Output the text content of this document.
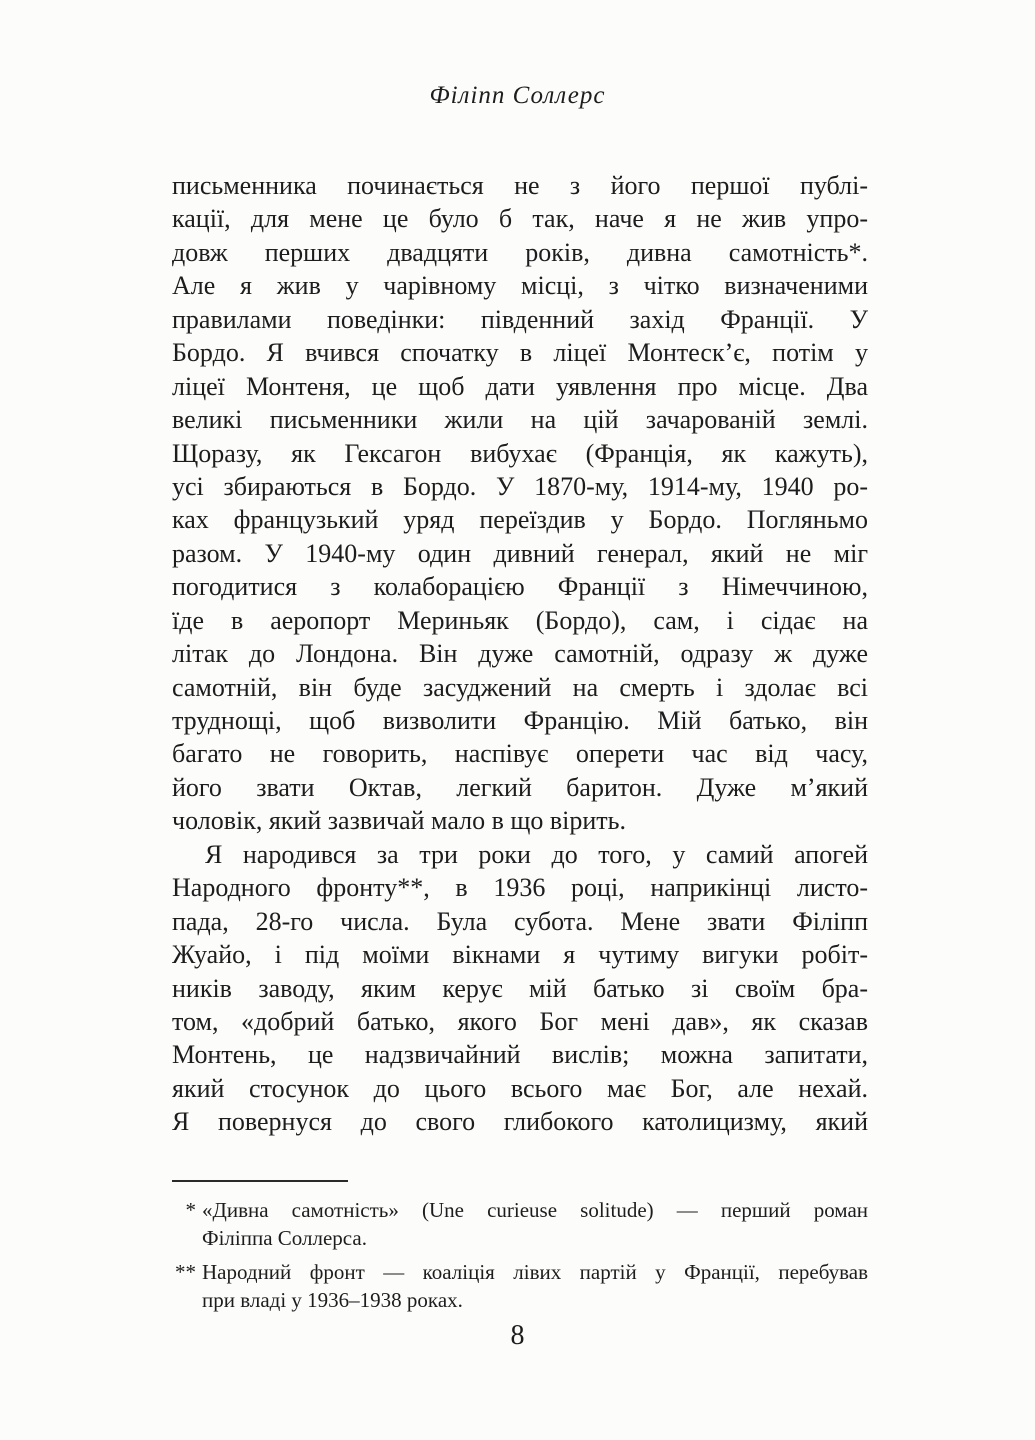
Філіпп Соллерс
письменника починається не з його першої публі-
кації, для мене це було б так, наче я не жив упро-
довж перших двадцяти років, дивна самотність*.
Але я жив у чарівному місці, з чітко визначеними
правилами поведінки: південний захід Франції. У
Бордо. Я вчився спочатку в ліцеї Монтеск’є, потім у
ліцеї Монтеня, це щоб дати уявлення про місце. Два
великі письменники жили на цій зачарованій землі.
Щоразу, як Гексагон вибухає (Франція, як кажуть),
усі збираються в Бордо. У 1870-му, 1914-му, 1940 ро-
ках французький уряд переїздив у Бордо. Погляньмо
разом. У 1940-му один дивний генерал, який не міг
погодитися з колаборацією Франції з Німеччиною,
їде в аеропорт Мериньяк (Бордо), сам, і сідає на
літак до Лондона. Він дуже самотній, одразу ж дуже
самотній, він буде засуджений на смерть і здолає всі
труднощі, щоб визволити Францію. Мій батько, він
багато не говорить, наспівує оперети час від часу,
його звати Октав, легкий баритон. Дуже м’який
чоловік, який зазвичай мало в що вірить.
Я народився за три роки до того, у самий апогей
Народного фронту**, в 1936 році, наприкінці листо-
пада, 28-го числа. Була субота. Мене звати Філіпп
Жуайо, і під моїми вікнами я чутиму вигуки робіт-
ників заводу, яким керує мій батько зі своїм бра-
том, «добрий батько, якого Бог мені дав», як сказав
Монтень, це надзвичайний вислів; можна запитати,
який стосунок до цього всього має Бог, але нехай.
Я повернуся до свого глибокого католицизму, який
* «Дивна самотність» (Une curieuse solitude) — перший роман
Філіппа Соллерса.
** Народний фронт — коаліція лівих партій у Франції, перебував
при владі у 1936–1938 роках.
8
